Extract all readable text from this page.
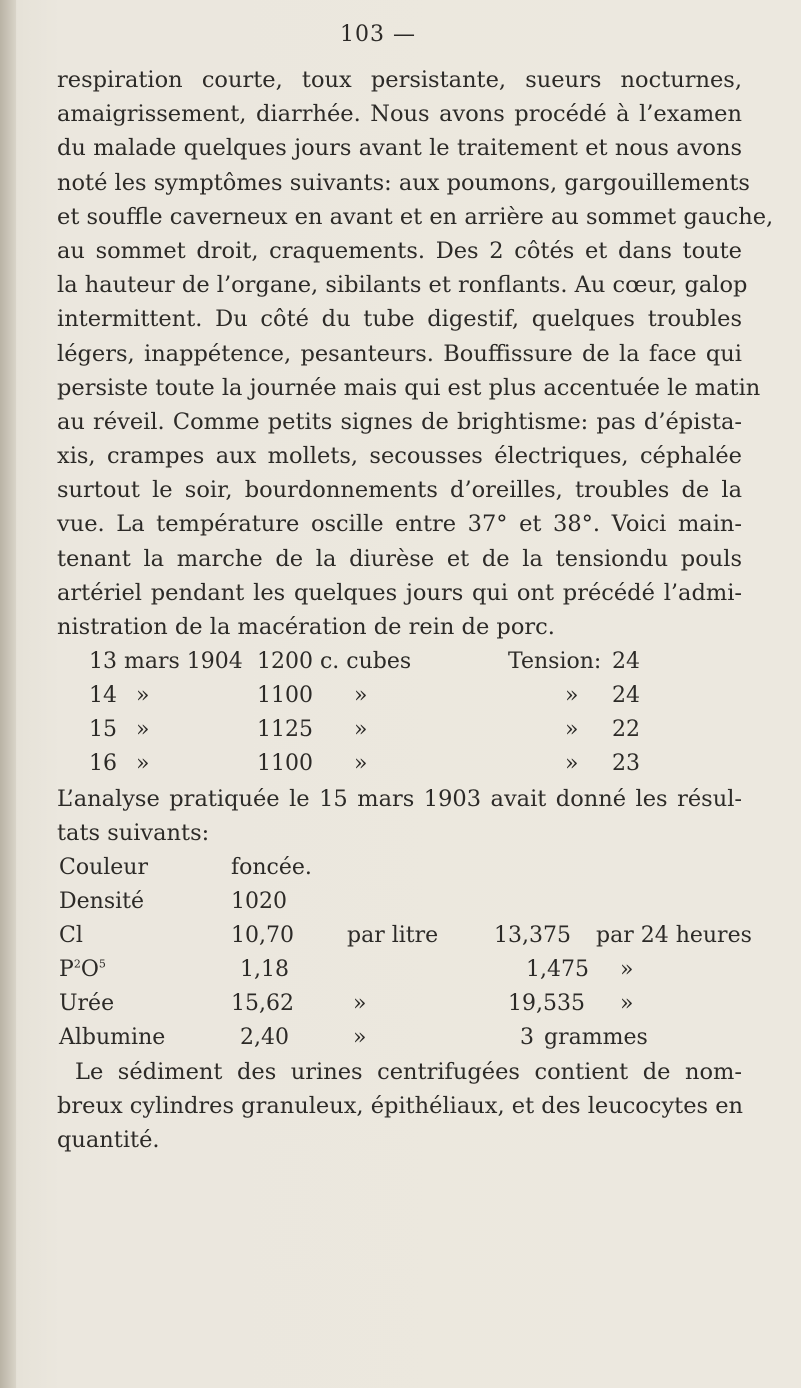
103 —
respiration courte, toux persistante, sueurs nocturnes,
amaigrissement, diarrhée. Nous avons procédé à l’examen
du malade quelques jours avant le traitement et nous avons
noté les symptômes suivants: aux poumons, gargouillements
et souffle caverneux en avant et en arrière au sommet gauche,
au sommet droit, craquements. Des 2 côtés et dans toute
la hauteur de l’organe, sibilants et ronflants. Au cœur, galop
intermittent. Du côté du tube digestif, quelques troubles
légers, inappétence, pesanteurs. Bouffissure de la face qui
persiste toute la journée mais qui est plus accentuée le matin
au réveil. Comme petits signes de brightisme: pas d’épista-
xis, crampes aux mollets, secousses électriques, céphalée
surtout le soir, bourdonnements d’oreilles, troubles de la
vue. La température oscille entre 37° et 38°. Voici main-
tenant la marche de la diurèse et de la tensiondu pouls
artériel pendant les quelques jours qui ont précédé l’admi-
nistration de la macération de rein de porc.
13 mars 1904 1200 c. cubes	Tension: 24
14 »	1100 »	» 24
15 »	1125 »	» 22
16 »	1100 »	» 23
L’analyse pratiquée le 15 mars 1903 avait donné les résul-
tats suivants:
Couleur	foncée.
Densité	1020
Cl	10,70 par litre	13,375 par 24 heures
$P^2O^5$	1,18	1,475 »
Urée	15,62	»	19,535 »
Albumine	2,40	»	3 grammes
Le sédiment des urines centrifugées contient de nom-
breux cylindres granuleux, épithéliaux, et des leucocytes en
quantité.
